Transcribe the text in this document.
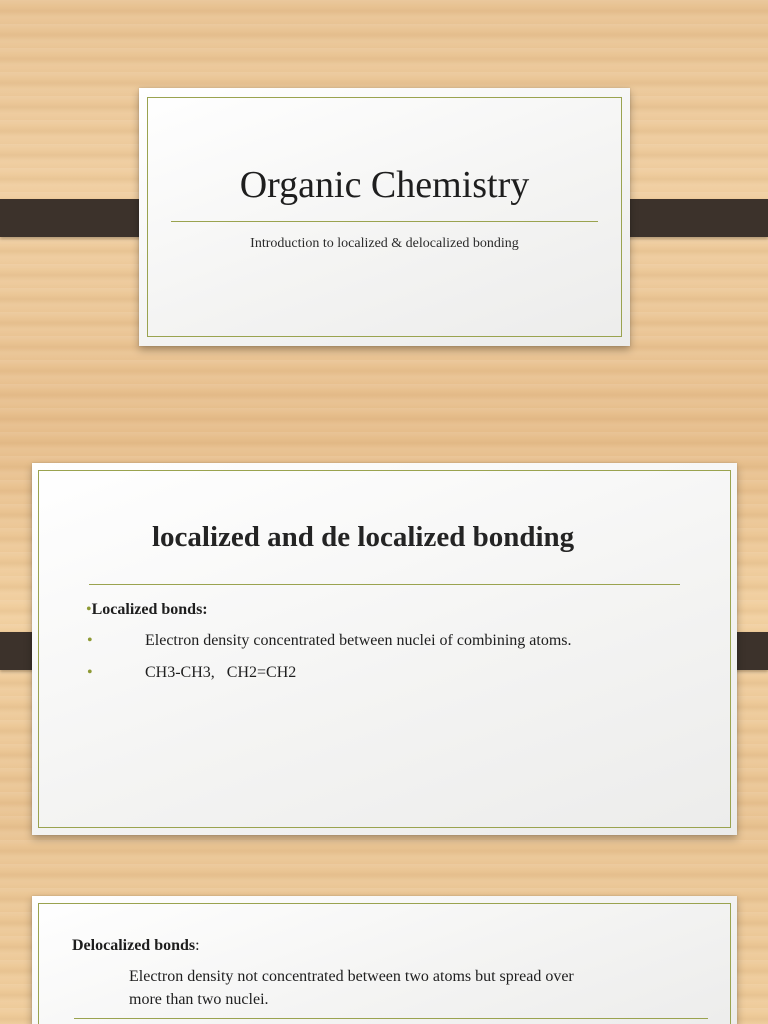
Organic Chemistry
Introduction to localized & delocalized bonding
localized and de localized bonding
•Localized bonds:
•	Electron density concentrated between nuclei of combining atoms.
•	CH3-CH3,   CH2=CH2
Delocalized bonds:
Electron density not concentrated between two atoms but spread over
more than two nuclei.
